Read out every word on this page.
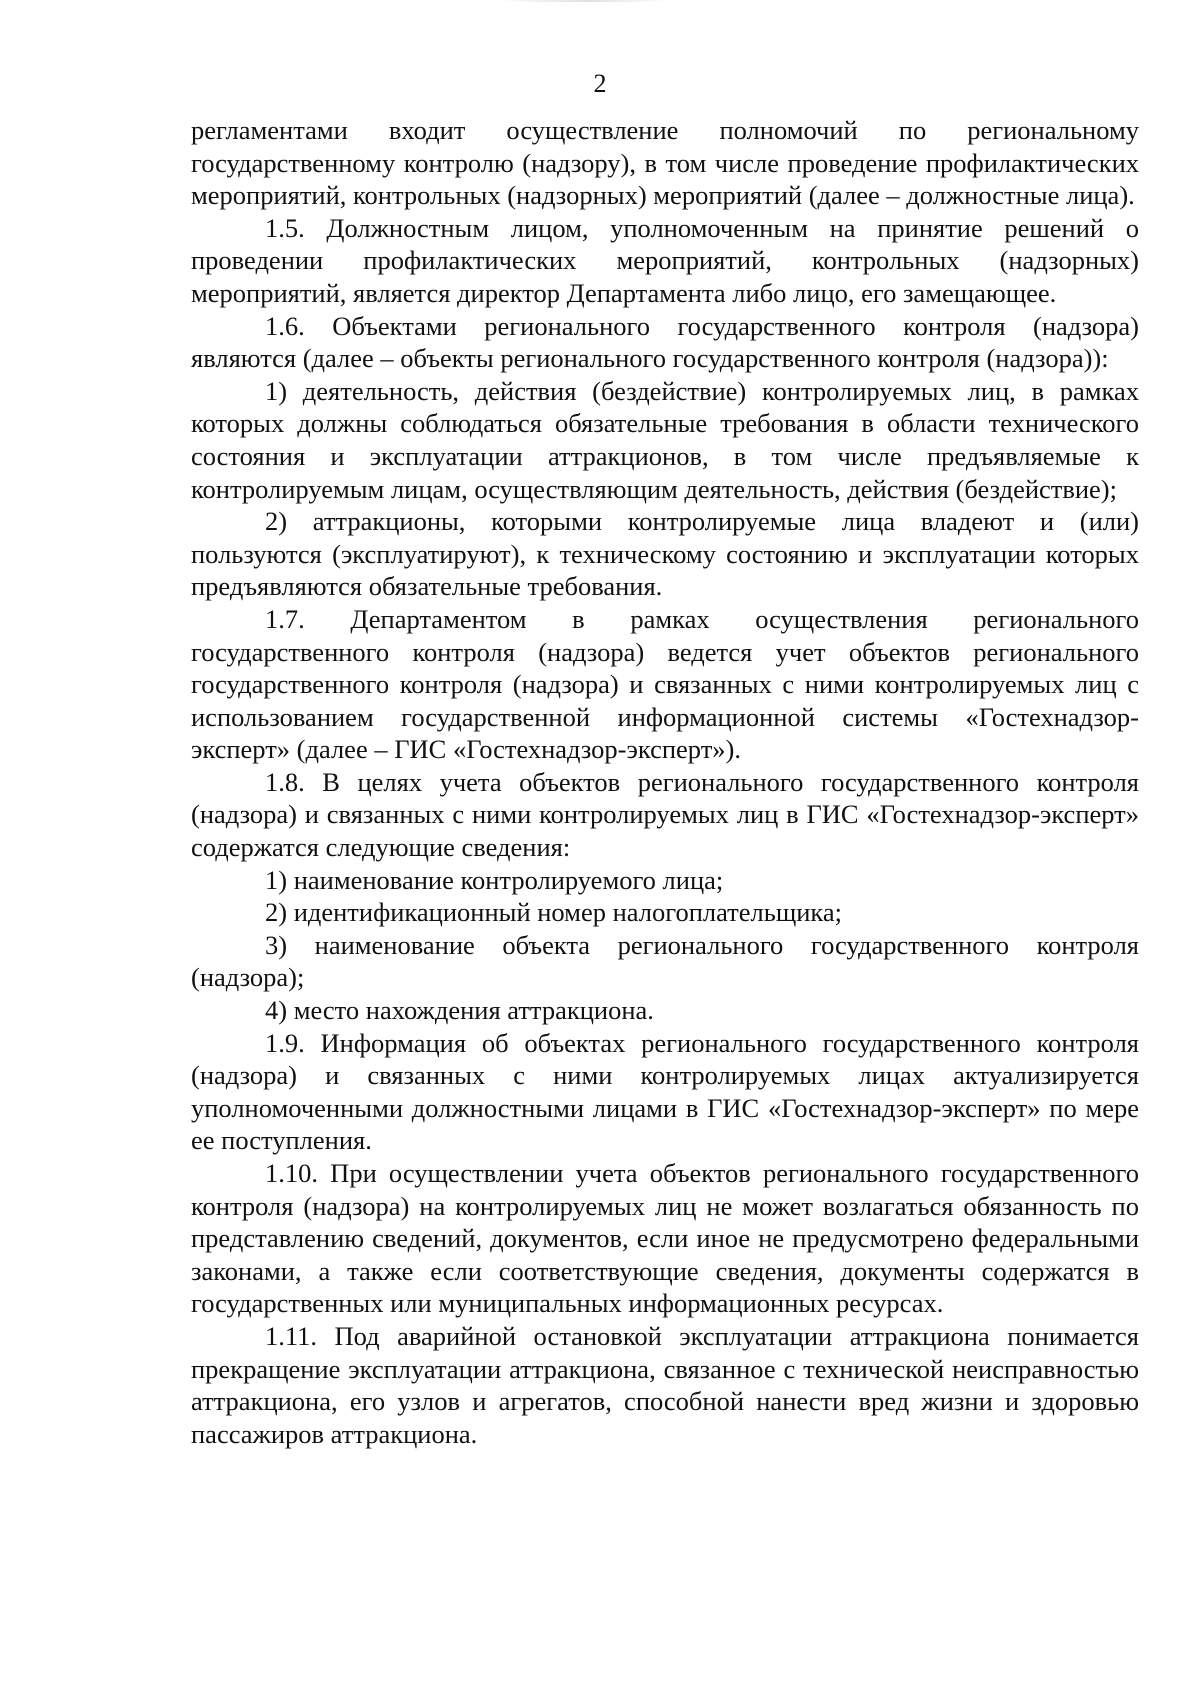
2

регламентами входит осуществление полномочий по региональному государственному контролю (надзору), в том числе проведение профилактических мероприятий, контрольных (надзорных) мероприятий (далее – должностные лица).

1.5. Должностным лицом, уполномоченным на принятие решений о проведении профилактических мероприятий, контрольных (надзорных) мероприятий, является директор Департамента либо лицо, его замещающее.

1.6. Объектами регионального государственного контроля (надзора) являются (далее – объекты регионального государственного контроля (надзора)):

1) деятельность, действия (бездействие) контролируемых лиц, в рамках которых должны соблюдаться обязательные требования в области технического состояния и эксплуатации аттракционов, в том числе предъявляемые к контролируемым лицам, осуществляющим деятельность, действия (бездействие);

2) аттракционы, которыми контролируемые лица владеют и (или) пользуются (эксплуатируют), к техническому состоянию и эксплуатации которых предъявляются обязательные требования.

1.7. Департаментом в рамках осуществления регионального государственного контроля (надзора) ведется учет объектов регионального государственного контроля (надзора) и связанных с ними контролируемых лиц с использованием государственной информационной системы «Гостехнадзор-эксперт» (далее – ГИС «Гостехнадзор-эксперт»).

1.8. В целях учета объектов регионального государственного контроля (надзора) и связанных с ними контролируемых лиц в ГИС «Гостехнадзор-эксперт» содержатся следующие сведения:

1) наименование контролируемого лица;

2) идентификационный номер налогоплательщика;

3) наименование объекта регионального государственного контроля (надзора);

4) место нахождения аттракциона.

1.9. Информация об объектах регионального государственного контроля (надзора) и связанных с ними контролируемых лицах актуализируется уполномоченными должностными лицами в ГИС «Гостехнадзор-эксперт» по мере ее поступления.

1.10. При осуществлении учета объектов регионального государственного контроля (надзора) на контролируемых лиц не может возлагаться обязанность по представлению сведений, документов, если иное не предусмотрено федеральными законами, а также если соответствующие сведения, документы содержатся в государственных или муниципальных информационных ресурсах.

1.11. Под аварийной остановкой эксплуатации аттракциона понимается прекращение эксплуатации аттракциона, связанное с технической неисправностью аттракциона, его узлов и агрегатов, способной нанести вред жизни и здоровью пассажиров аттракциона.
